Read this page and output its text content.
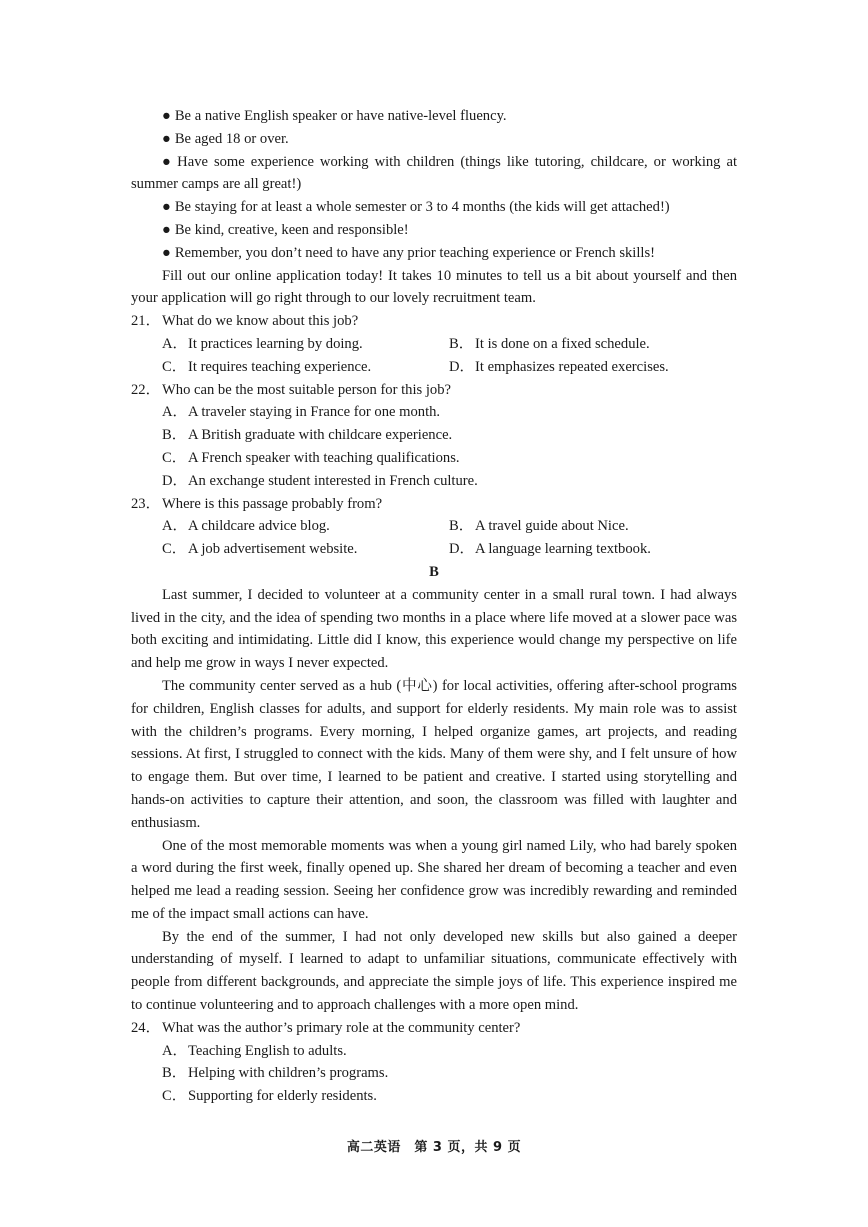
● Be a native English speaker or have native-level fluency.
● Be aged 18 or over.
● Have some experience working with children (things like tutoring, childcare, or working at summer camps are all great!)
● Be staying for at least a whole semester or 3 to 4 months (the kids will get attached!)
● Be kind, creative, keen and responsible!
● Remember, you don’t need to have any prior teaching experience or French skills!
Fill out our online application today! It takes 10 minutes to tell us a bit about yourself and then your application will go right through to our lovely recruitment team.
21． What do we know about this job?
A．It practices learning by doing.	B． It is done on a fixed schedule.
C． It requires teaching experience.	D．It emphasizes repeated exercises.
22． Who can be the most suitable person for this job?
A．A traveler staying in France for one month.
B． A British graduate with childcare experience.
C． A French speaker with teaching qualifications.
D．An exchange student interested in French culture.
23． Where is this passage probably from?
A．A childcare advice blog.	B． A travel guide about Nice.
C． A job advertisement website.	D．A language learning textbook.
B
Last summer, I decided to volunteer at a community center in a small rural town. I had always lived in the city, and the idea of spending two months in a place where life moved at a slower pace was both exciting and intimidating. Little did I know, this experience would change my perspective on life and help me grow in ways I never expected.
The community center served as a hub (中心) for local activities, offering after-school programs for children, English classes for adults, and support for elderly residents. My main role was to assist with the children’s programs. Every morning, I helped organize games, art projects, and reading sessions. At first, I struggled to connect with the kids. Many of them were shy, and I felt unsure of how to engage them. But over time, I learned to be patient and creative. I started using storytelling and hands-on activities to capture their attention, and soon, the classroom was filled with laughter and enthusiasm.
One of the most memorable moments was when a young girl named Lily, who had barely spoken a word during the first week, finally opened up. She shared her dream of becoming a teacher and even helped me lead a reading session. Seeing her confidence grow was incredibly rewarding and reminded me of the impact small actions can have.
By the end of the summer, I had not only developed new skills but also gained a deeper understanding of myself. I learned to adapt to unfamiliar situations, communicate effectively with people from different backgrounds, and appreciate the simple joys of life. This experience inspired me to continue volunteering and to approach challenges with a more open mind.
24． What was the author’s primary role at the community center?
A．Teaching English to adults.
B． Helping with children’s programs.
C． Supporting for elderly residents.
高二英语　第 3 页，共 9 页
